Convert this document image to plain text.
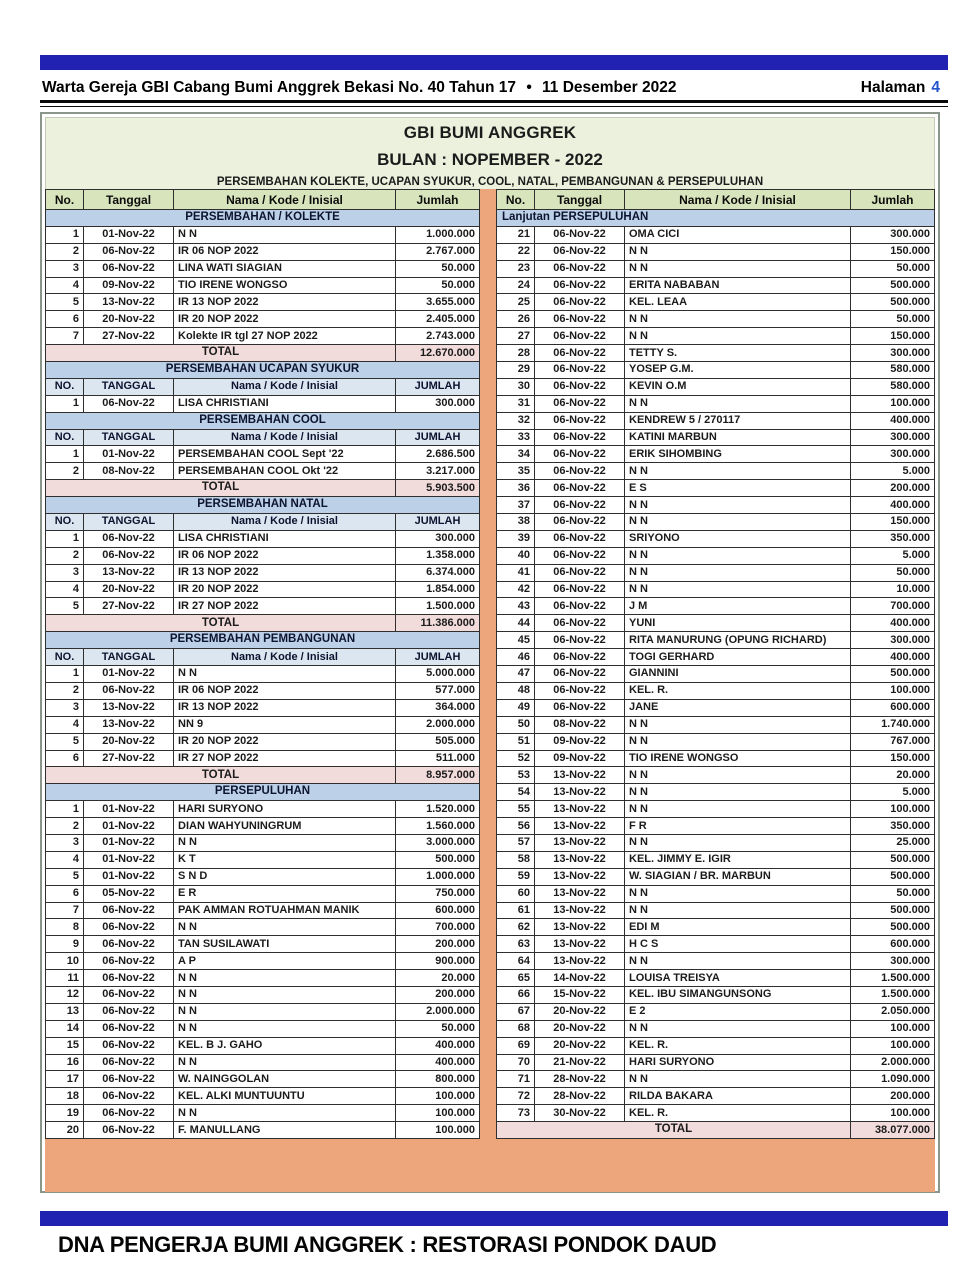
Warta Gereja GBI Cabang Bumi Anggrek Bekasi No. 40 Tahun 17 • 11 Desember 2022	Halaman 4
GBI BUMI ANGGREK
BULAN : NOPEMBER - 2022
PERSEMBAHAN KOLEKTE, UCAPAN SYUKUR, COOL, NATAL, PEMBANGUNAN & PERSEPULUHAN
No.	Tanggal	Nama / Kode / Inisial	Jumlah
PERSEMBAHAN / KOLEKTE			
1	01-Nov-22	N N	1.000.000
2	06-Nov-22	IR 06 NOP 2022	2.767.000
3	06-Nov-22	LINA WATI SIAGIAN	50.000
4	09-Nov-22	TIO IRENE WONGSO	50.000
5	13-Nov-22	IR 13 NOP 2022	3.655.000
6	20-Nov-22	IR 20 NOP 2022	2.405.000
7	27-Nov-22	Kolekte IR tgl 27 NOP 2022	2.743.000
TOTAL			12.670.000
PERSEMBAHAN UCAPAN SYUKUR			
NO.	TANGGAL	Nama / Kode / Inisial	JUMLAH
1	06-Nov-22	LISA CHRISTIANI	300.000
PERSEMBAHAN COOL			
NO.	TANGGAL	Nama / Kode / Inisial	JUMLAH
1	01-Nov-22	PERSEMBAHAN COOL Sept '22	2.686.500
2	08-Nov-22	PERSEMBAHAN COOL Okt '22	3.217.000
TOTAL			5.903.500
PERSEMBAHAN NATAL			
NO.	TANGGAL	Nama / Kode / Inisial	JUMLAH
1	06-Nov-22	LISA CHRISTIANI	300.000
2	06-Nov-22	IR 06 NOP 2022	1.358.000
3	13-Nov-22	IR 13 NOP 2022	6.374.000
4	20-Nov-22	IR 20 NOP 2022	1.854.000
5	27-Nov-22	IR 27 NOP 2022	1.500.000
TOTAL			11.386.000
PERSEMBAHAN PEMBANGUNAN			
NO.	TANGGAL	Nama / Kode / Inisial	JUMLAH
1	01-Nov-22	N N	5.000.000
2	06-Nov-22	IR 06 NOP 2022	577.000
3	13-Nov-22	IR 13 NOP 2022	364.000
4	13-Nov-22	NN 9	2.000.000
5	20-Nov-22	IR 20 NOP 2022	505.000
6	27-Nov-22	IR 27 NOP 2022	511.000
TOTAL			8.957.000
PERSEPULUHAN			
1	01-Nov-22	HARI SURYONO	1.520.000
2	01-Nov-22	DIAN WAHYUNINGRUM	1.560.000
3	01-Nov-22	N N	3.000.000
4	01-Nov-22	K T	500.000
5	01-Nov-22	S N D	1.000.000
6	05-Nov-22	E R	750.000
7	06-Nov-22	PAK AMMAN ROTUAHMAN MANIK	600.000
8	06-Nov-22	N N	700.000
9	06-Nov-22	TAN SUSILAWATI	200.000
10	06-Nov-22	A P	900.000
11	06-Nov-22	N N	20.000
12	06-Nov-22	N N	200.000
13	06-Nov-22	N N	2.000.000
14	06-Nov-22	N N	50.000
15	06-Nov-22	KEL. B J. GAHO	400.000
16	06-Nov-22	N N	400.000
17	06-Nov-22	W. NAINGGOLAN	800.000
18	06-Nov-22	KEL. ALKI MUNTUUNTU	100.000
19	06-Nov-22	N N	100.000
20	06-Nov-22	F. MANULLANG	100.000
No.	Tanggal	Nama / Kode / Inisial	Jumlah
Lanjutan PERSEPULUHAN			
21	06-Nov-22	OMA CICI	300.000
22	06-Nov-22	N N	150.000
23	06-Nov-22	N N	50.000
24	06-Nov-22	ERITA NABABAN	500.000
25	06-Nov-22	KEL. LEAA	500.000
26	06-Nov-22	N N	50.000
27	06-Nov-22	N N	150.000
28	06-Nov-22	TETTY S.	300.000
29	06-Nov-22	YOSEP G.M.	580.000
30	06-Nov-22	KEVIN O.M	580.000
31	06-Nov-22	N N	100.000
32	06-Nov-22	KENDREW 5 / 270117	400.000
33	06-Nov-22	KATINI MARBUN	300.000
34	06-Nov-22	ERIK SIHOMBING	300.000
35	06-Nov-22	N N	5.000
36	06-Nov-22	E S	200.000
37	06-Nov-22	N N	400.000
38	06-Nov-22	N N	150.000
39	06-Nov-22	SRIYONO	350.000
40	06-Nov-22	N N	5.000
41	06-Nov-22	N N	50.000
42	06-Nov-22	N N	10.000
43	06-Nov-22	J M	700.000
44	06-Nov-22	YUNI	400.000
45	06-Nov-22	RITA MANURUNG (OPUNG RICHARD)	300.000
46	06-Nov-22	TOGI GERHARD	400.000
47	06-Nov-22	GIANNINI	500.000
48	06-Nov-22	KEL. R.	100.000
49	06-Nov-22	JANE	600.000
50	08-Nov-22	N N	1.740.000
51	09-Nov-22	N N	767.000
52	09-Nov-22	TIO IRENE WONGSO	150.000
53	13-Nov-22	N N	20.000
54	13-Nov-22	N N	5.000
55	13-Nov-22	N N	100.000
56	13-Nov-22	F R	350.000
57	13-Nov-22	N N	25.000
58	13-Nov-22	KEL. JIMMY E. IGIR	500.000
59	13-Nov-22	W. SIAGIAN / BR. MARBUN	500.000
60	13-Nov-22	N N	50.000
61	13-Nov-22	N N	500.000
62	13-Nov-22	EDI M	500.000
63	13-Nov-22	H C S	600.000
64	13-Nov-22	N N	300.000
65	14-Nov-22	LOUISA TREISYA	1.500.000
66	15-Nov-22	KEL. IBU SIMANGUNSONG	1.500.000
67	20-Nov-22	E 2	2.050.000
68	20-Nov-22	N N	100.000
69	20-Nov-22	KEL. R.	100.000
70	21-Nov-22	HARI SURYONO	2.000.000
71	28-Nov-22	N N	1.090.000
72	28-Nov-22	RILDA BAKARA	200.000
73	30-Nov-22	KEL. R.	100.000
TOTAL			38.077.000
DNA PENGERJA BUMI ANGGREK : RESTORASI PONDOK DAUD
